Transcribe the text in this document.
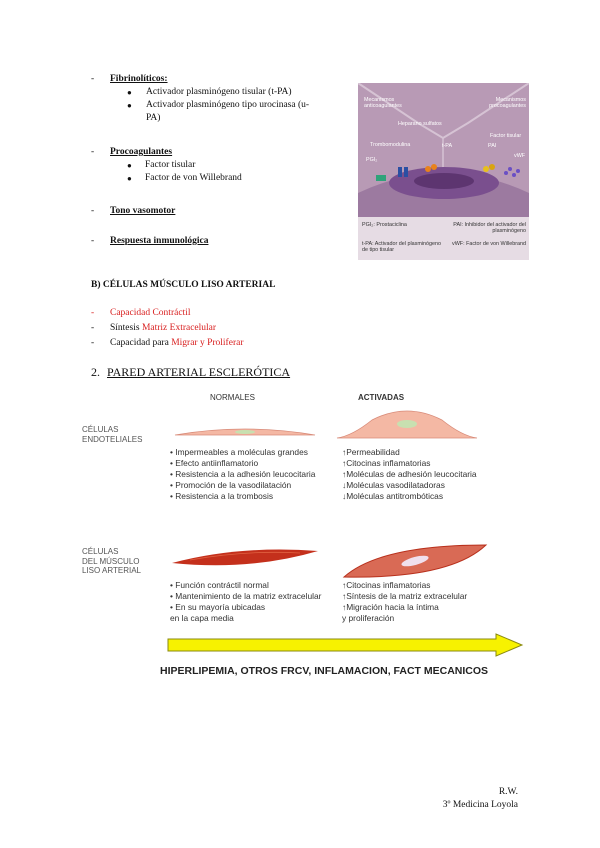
- Fibrinolíticos:
● Activador plasminógeno tisular (t-PA)
● Activador plasminógeno tipo urocinasa (u-PA)
- Procoagulantes
● Factor tisular
● Factor de von Willebrand
- Tono vasomotor
- Respuesta inmunológica
Mecanismos anticoagulantes
Mecanismos procoagulantes
Heparano sulfatos
Trombomodulina	t-PA	PAI
Factor tisular
PGI₂
vWF
PGI₂: Prostaciclina	PAI: Inhibidor del activador del plasminógeno
t-PA: Activador del plasminógeno de tipo tisular
vWF: Factor de von Willebrand
B) CÉLULAS MÚSCULO LISO ARTERIAL
- Capacidad Contráctil
- Síntesis Matriz Extracelular
- Capacidad para Migrar y Proliferar
2. PARED ARTERIAL ESCLERÓTICA
NORMALES	ACTIVADAS
CÉLULAS
ENDOTELIALES
• Impermeables a moléculas grandes
• Efecto antiinflamatorio
• Resistencia a la adhesión leucocitaria
• Promoción de la vasodilatación
• Resistencia a la trombosis
↑Permeabilidad
↑Citocinas inflamatorias
↑Moléculas de adhesión leucocitaria
↓Moléculas vasodilatadoras
↓Moléculas antitrombóticas
CÉLULAS
DEL MÚSCULO
LISO ARTERIAL
• Función contráctil normal
• Mantenimiento de la matriz extracelular
• En su mayoría ubicadas
en la capa media
↑Citocinas inflamatorias
↑Síntesis de la matriz extracelular
↑Migración hacia la íntima
y proliferación
HIPERLIPEMIA, OTROS FRCV, INFLAMACION, FACT MECANICOS
R.W.
3º Medicina Loyola
